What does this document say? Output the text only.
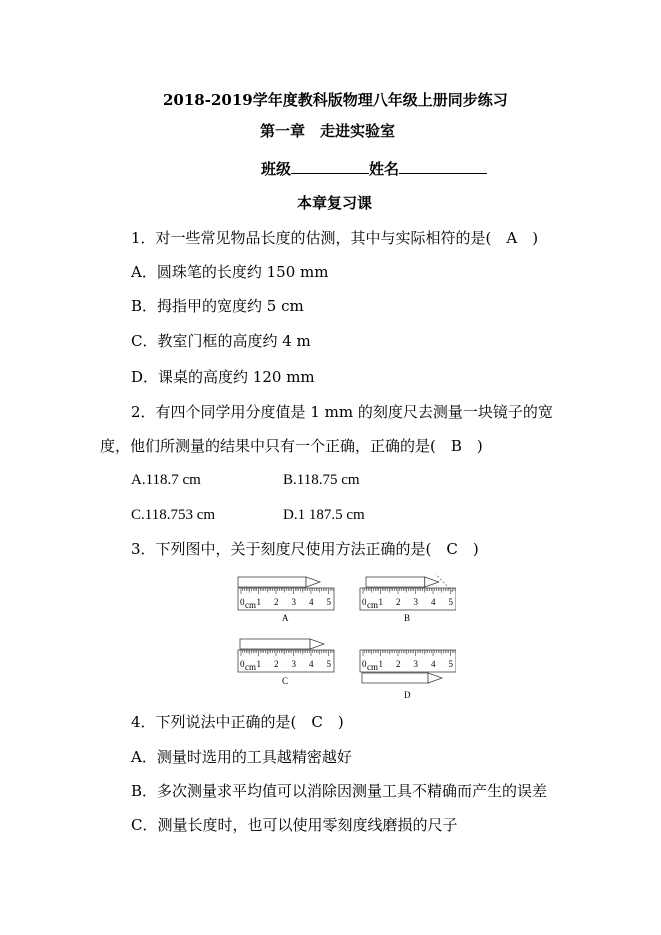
2018-2019学年度教科版物理八年级上册同步练习
第一章　走进实验室
班级	姓名
本章复习课
1．对一些常见物品长度的估测，其中与实际相符的是(　A　)
A．圆珠笔的长度约 150 mm
B．拇指甲的宽度约 5 cm
C．教室门框的高度约 4 m
D．课桌的高度约 120 mm
2．有四个同学用分度值是 1 mm 的刻度尺去测量一块镜子的宽
度，他们所测量的结果中只有一个正确，正确的是(　B　)
A.118.7 cm	B.118.75 cm
C.118.753 cm	D.1 187.5 cm
3．下列图中，关于刻度尺使用方法正确的是(　C　)
0 cm 1 2 3 4 5
A
0 cm 1 2 3 4 5
B
0 cm 1 2 3 4 5
C
0 cm 1 2 3 4 5
D
4．下列说法中正确的是(　C　)
A．测量时选用的工具越精密越好
B．多次测量求平均值可以消除因测量工具不精确而产生的误差
C．测量长度时，也可以使用零刻度线磨损的尺子
